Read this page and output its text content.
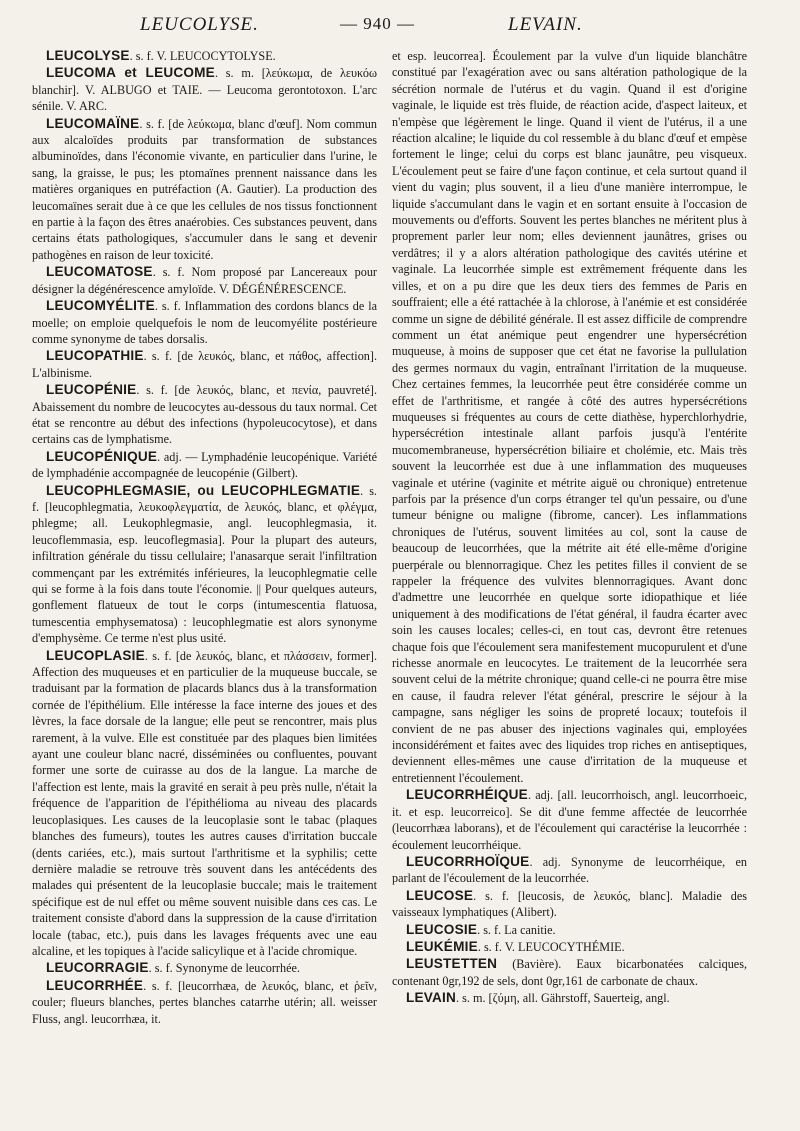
LEUCOLYSE.	— 940 —	LEVAIN.

LEUCOLYSE. s. f. V. LEUCOCYTOLYSE.

LEUCOMA et LEUCOME. s. m. [λεύκωμα, de λευκόω blanchir]. V. ALBUGO et TAIE. — Leucoma gerontotoxon. L'arc sénile. V. ARC.

LEUCOMAÏNE. s. f. [de λεύκωμα, blanc d'œuf]. Nom commun aux alcaloïdes produits par transformation de substances albuminoïdes, dans l'économie vivante, en particulier dans l'urine, le sang, la graisse, le pus; les ptomaïnes prennent naissance dans les matières organiques en putréfaction (A. Gautier). La production des leucomaïnes serait due à ce que les cellules de nos tissus fonctionnent en partie à la façon des êtres anaérobies. Ces substances peuvent, dans certains états pathologiques, s'accumuler dans le sang et devenir pathogènes en raison de leur toxicité.

LEUCOMATOSE. s. f. Nom proposé par Lancereaux pour désigner la dégénérescence amyloïde. V. DÉGÉNÉRESCENCE.

LEUCOMYÉLITE. s. f. Inflammation des cordons blancs de la moelle; on emploie quelquefois le nom de leucomyélite postérieure comme synonyme de tabes dorsalis.

LEUCOPATHIE. s. f. [de λευκός, blanc, et πάθος, affection]. L'albinisme.

LEUCOPÉNIE. s. f. [de λευκός, blanc, et πενία, pauvreté]. Abaissement du nombre de leucocytes au-dessous du taux normal. Cet état se rencontre au début des infections (hypoleucocytose), et dans certains cas de lymphatisme.

LEUCOPÉNIQUE. adj. — Lymphadénie leucopénique. Variété de lymphadénie accompagnée de leucopénie (Gilbert).

LEUCOPHLEGMASIE, ou LEUCOPHLEGMATIE. s. f. [leucophlegmatia, λευκοφλεγματία, de λευκός, blanc, et φλέγμα, phlegme; all. Leukophlegmasie, angl. leucophlegmasia, it. leucoflemmasia, esp. leucoflegmasia]. Pour la plupart des auteurs, infiltration générale du tissu cellulaire; l'anasarque serait l'infiltration commençant par les extrémités inférieures, la leucophlegmatie celle qui se forme à la fois dans toute l'économie. || Pour quelques auteurs, gonflement flatueux de tout le corps (intumescentia flatuosa, tumescentia emphysematosa) : leucophlegmatie est alors synonyme d'emphysème. Ce terme n'est plus usité.

LEUCOPLASIE. s. f. [de λευκός, blanc, et πλάσσειν, former]. Affection des muqueuses et en particulier de la muqueuse buccale, se traduisant par la formation de placards blancs dus à la transformation cornée de l'épithélium. Elle intéresse la face interne des joues et des lèvres, la face dorsale de la langue; elle peut se rencontrer, mais plus rarement, à la vulve. Elle est constituée par des plaques bien limitées ayant une couleur blanc nacré, disséminées ou confluentes, pouvant former une sorte de cuirasse au dos de la langue. La marche de l'affection est lente, mais la gravité en serait à peu près nulle, n'était la fréquence de l'apparition de l'épithélioma au niveau des placards leucoplasiques. Les causes de la leucoplasie sont le tabac (plaques blanches des fumeurs), toutes les autres causes d'irritation buccale (dents cariées, etc.), mais surtout l'arthritisme et la syphilis; cette dernière maladie se retrouve très souvent dans les antécédents des malades qui présentent de la leucoplasie buccale; mais le traitement spécifique est de nul effet ou même souvent nuisible dans ces cas. Le traitement consiste d'abord dans la suppression de la cause d'irritation locale (tabac, etc.), puis dans les lavages fréquents avec une eau alcaline, et les topiques à l'acide salicylique et à l'acide chromique.

LEUCORRAGIE. s. f. Synonyme de leucorrhée.

LEUCORRHÉE. s. f. [leucorrhæa, de λευκός, blanc, et ῥεῖν, couler; flueurs blanches, pertes blanches catarrhe utérin; all. weisser Fluss, angl. leucorrhæa, it.

et esp. leucorrea]. Écoulement par la vulve d'un liquide blanchâtre constitué par l'exagération avec ou sans altération pathologique de la sécrétion normale de l'utérus et du vagin. Quand il est d'origine vaginale, le liquide est très fluide, de réaction acide, d'aspect laiteux, et n'empèse que légèrement le linge. Quand il vient de l'utérus, il a une réaction alcaline; le liquide du col ressemble à du blanc d'œuf et empèse fortement le linge; celui du corps est blanc jaunâtre, peu visqueux. L'écoulement peut se faire d'une façon continue, et cela surtout quand il vient du vagin; plus souvent, il a lieu d'une manière interrompue, le liquide s'accumulant dans le vagin et en sortant ensuite à l'occasion de mouvements ou d'efforts. Souvent les pertes blanches ne méritent plus à proprement parler leur nom; elles deviennent jaunâtres, grises ou verdâtres; il y a alors altération pathologique des cavités utérine et vaginale. La leucorrhée simple est extrêmement fréquente dans les villes, et on a pu dire que les deux tiers des femmes de Paris en souffraient; elle a été rattachée à la chlorose, à l'anémie et est considérée comme un signe de débilité générale. Il est assez difficile de comprendre comment un état anémique peut engendrer une hypersécrétion muqueuse, à moins de supposer que cet état ne favorise la pullulation des germes normaux du vagin, entraînant l'irritation de la muqueuse. Chez certaines femmes, la leucorrhée peut être considérée comme un effet de l'arthritisme, et rangée à côté des autres hypersécrétions muqueuses si fréquentes au cours de cette diathèse, hyperchlorhydrie, hypersécrétion intestinale allant parfois jusqu'à l'entérite mucomembraneuse, hypersécrétion biliaire et cholémie, etc. Mais très souvent la leucorrhée est due à une inflammation des muqueuses vaginale et utérine (vaginite et métrite aiguë ou chronique) entretenue parfois par la présence d'un corps étranger tel qu'un pessaire, ou d'une tumeur bénigne ou maligne (fibrome, cancer). Les inflammations chroniques de l'utérus, souvent limitées au col, sont la cause de beaucoup de leucorrhées, que la métrite ait été elle-même d'origine puerpérale ou blennorragique. Chez les petites filles il convient de se rappeler la fréquence des vulvites blennorragiques. Avant donc d'admettre une leucorrhée en quelque sorte idiopathique et liée uniquement à des modifications de l'état général, il faudra écarter avec soin les causes locales; celles-ci, en tout cas, devront être retenues chaque fois que l'écoulement sera manifestement mucopurulent et d'une richesse anormale en leucocytes. Le traitement de la leucorrhée sera souvent celui de la métrite chronique; quand celle-ci ne pourra être mise en cause, il faudra relever l'état général, prescrire le séjour à la campagne, sans négliger les soins de propreté locaux; toutefois il convient de ne pas abuser des injections vaginales qui, employées inconsidérément et faites avec des liquides trop riches en antiseptiques, deviennent elles-mêmes une cause d'irritation de la muqueuse et entretiennent l'écoulement.

LEUCORRHÉIQUE. adj. [all. leucorrhoisch, angl. leucorrhoeic, it. et esp. leucorreico]. Se dit d'une femme affectée de leucorrhée (leucorrhæa laborans), et de l'écoulement qui caractérise la leucorrhée : écoulement leucorrhéique.

LEUCORRHOÏQUE. adj. Synonyme de leucorrhéique, en parlant de l'écoulement de la leucorrhée.

LEUCOSE. s. f. [leucosis, de λευκός, blanc]. Maladie des vaisseaux lymphatiques (Alibert).

LEUCOSIE. s. f. La canitie.

LEUKÉMIE. s. f. V. LEUCOCYTHÉMIE.

LEUSTETTEN (Bavière). Eaux bicarbonatées calciques, contenant 0gr,192 de sels, dont 0gr,161 de carbonate de chaux.

LEVAIN. s. m. [ζύμη, all. Gährstoff, Sauerteig, angl.
